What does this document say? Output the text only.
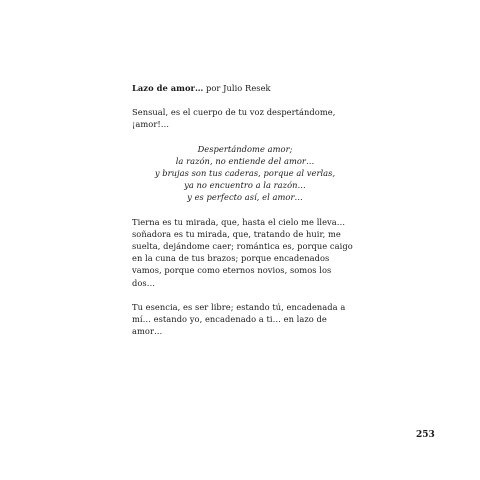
Lazo de amor… por Julio Resek

Sensual, es el cuerpo de tu voz despertándome,
¡amor!…
Despertándome amor;
la razón, no entiende del amor…
y brujas son tus caderas, porque al verlas,
ya no encuentro a la razón…
y es perfecto así, el amor…
Tierna es tu mirada, que, hasta el cielo me lleva…
soñadora es tu mirada, que, tratando de huir, me
suelta, dejándome caer; romántica es, porque caigo
en la cuna de tus brazos; porque encadenados
vamos, porque como eternos novios, somos los
dos…
Tu esencia, es ser libre; estando tú, encadenada a
mí… estando yo, encadenado a ti… en lazo de
amor…
253
